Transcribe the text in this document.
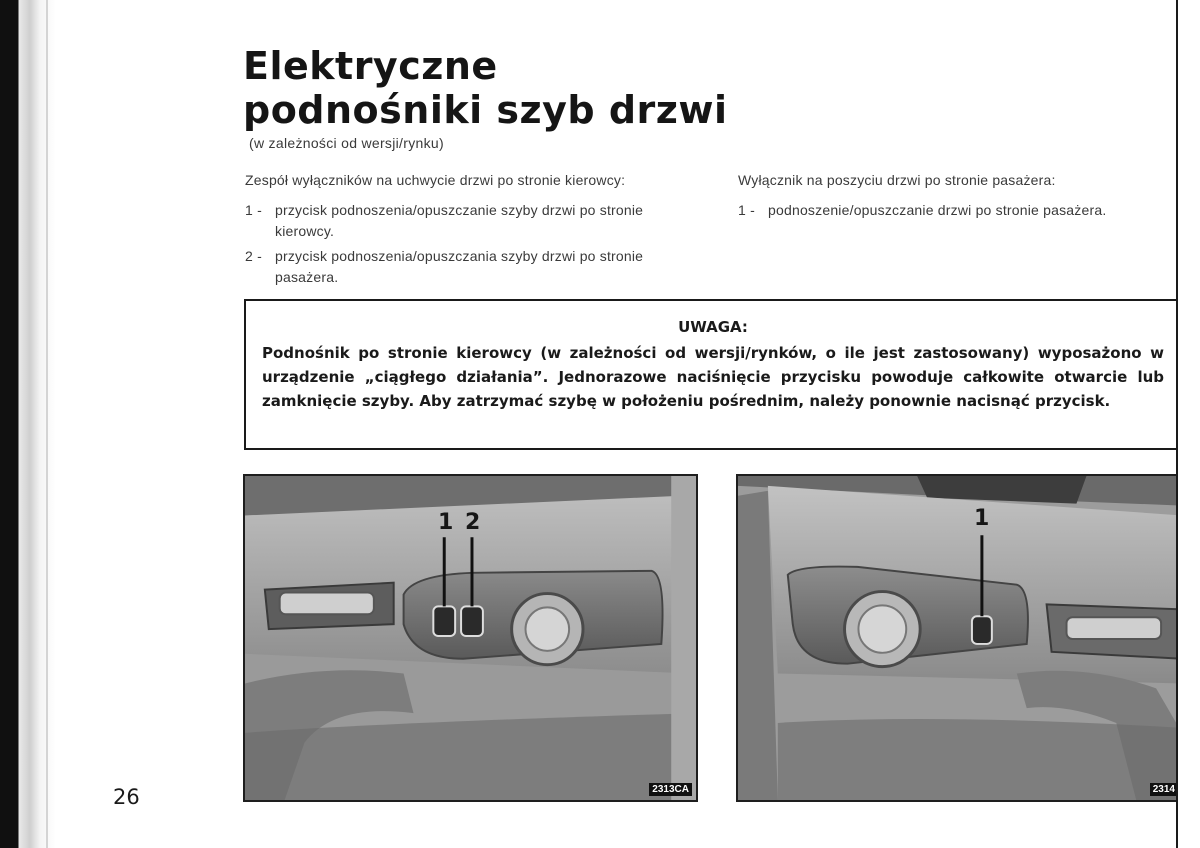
Elektryczne
podnośniki szyb drzwi
(w zależności od wersji/rynku)

Zespół wyłączników na uchwycie drzwi po stronie kierowcy:

1 - przycisk podnoszenia/opuszczanie szyby drzwi po stronie kierowcy.
2 - przycisk podnoszenia/opuszczania szyby drzwi po stronie pasażera.

Wyłącznik na poszyciu drzwi po stronie pasażera:

1 - podnoszenie/opuszczanie drzwi po stronie pasażera.
UWAGA:
Podnośnik po stronie kierowcy (w zależności od wersji/rynków, o ile jest zastosowany) wyposażono w urządzenie „ciągłego działania”. Jednorazowe naciśnięcie przycisku powoduje całkowite otwarcie lub zamknięcie szyby. Aby zatrzymać szybę w położeniu pośrednim, należy ponownie nacisnąć przycisk.
1 2
2313CA
1
2314
26
